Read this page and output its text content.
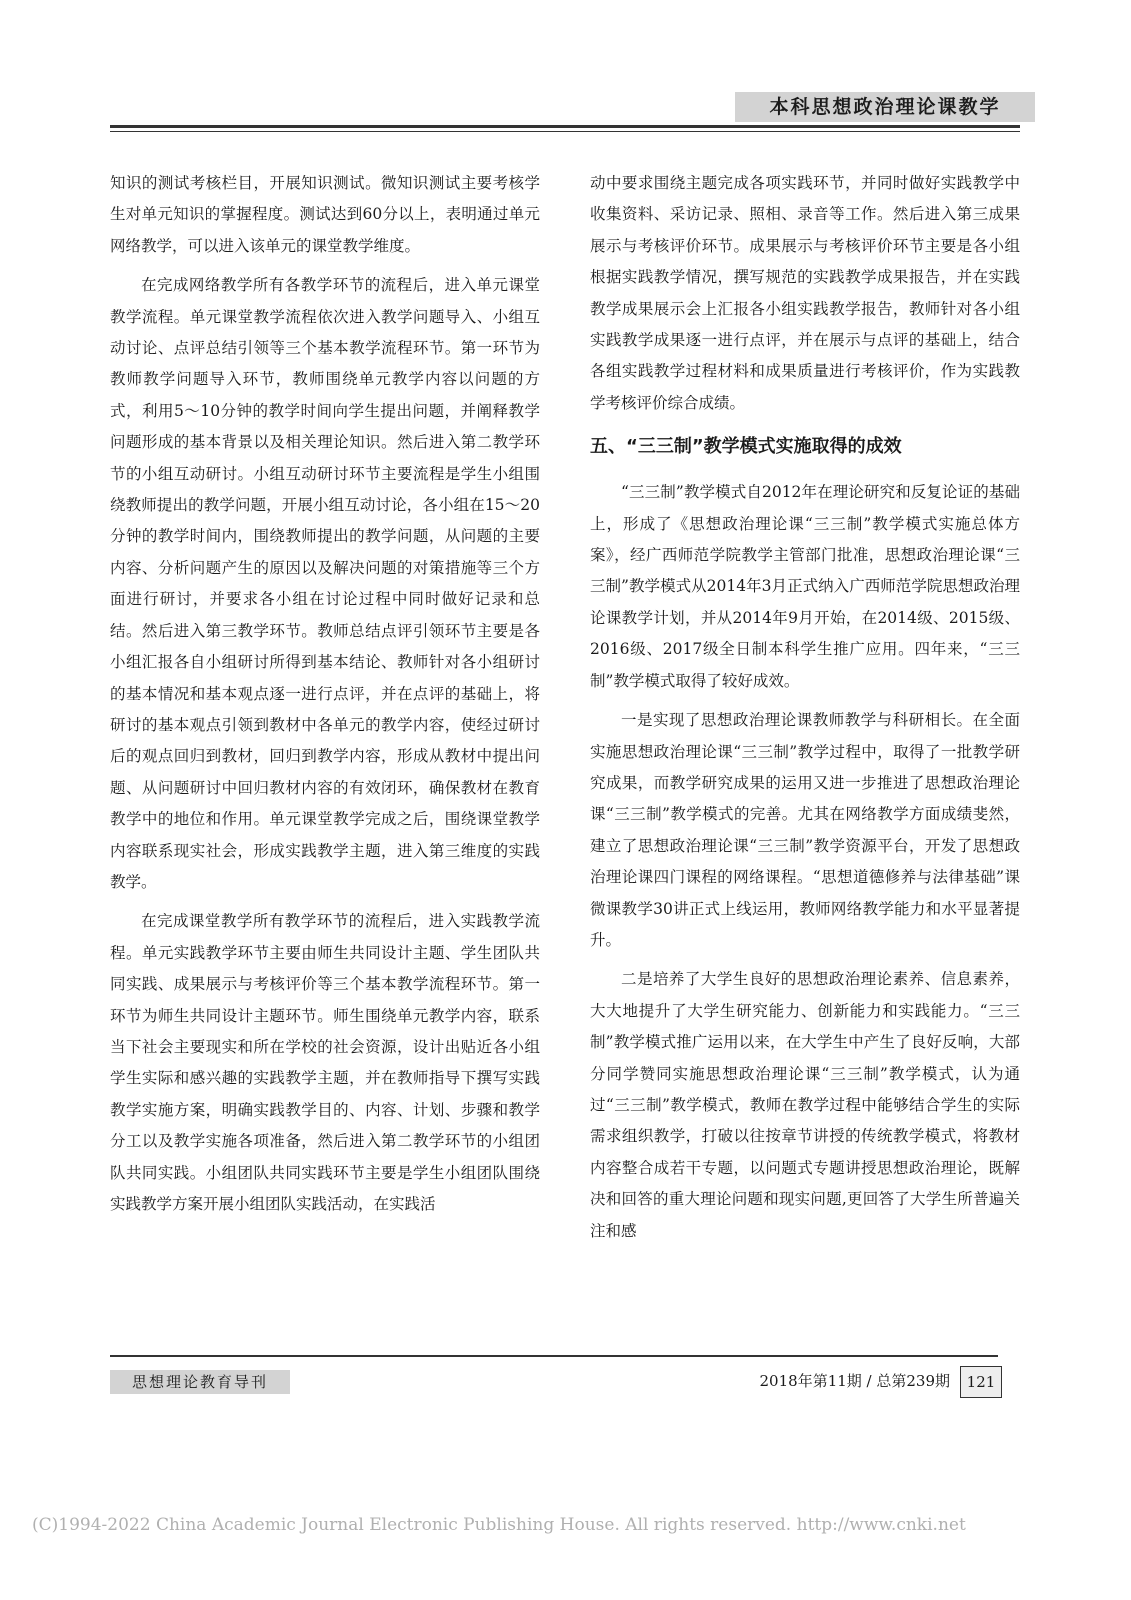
本科思想政治理论课教学

知识的测试考核栏目，开展知识测试。微知识测试主要考核学生对单元知识的掌握程度。测试达到60分以上，表明通过单元网络教学，可以进入该单元的课堂教学维度。

在完成网络教学所有各教学环节的流程后，进入单元课堂教学流程。单元课堂教学流程依次进入教学问题导入、小组互动讨论、点评总结引领等三个基本教学流程环节。第一环节为教师教学问题导入环节，教师围绕单元教学内容以问题的方式，利用5～10分钟的教学时间向学生提出问题，并阐释教学问题形成的基本背景以及相关理论知识。然后进入第二教学环节的小组互动研讨。小组互动研讨环节主要流程是学生小组围绕教师提出的教学问题，开展小组互动讨论，各小组在15～20分钟的教学时间内，围绕教师提出的教学问题，从问题的主要内容、分析问题产生的原因以及解决问题的对策措施等三个方面进行研讨，并要求各小组在讨论过程中同时做好记录和总结。然后进入第三教学环节。教师总结点评引领环节主要是各小组汇报各自小组研讨所得到基本结论、教师针对各小组研讨的基本情况和基本观点逐一进行点评，并在点评的基础上，将研讨的基本观点引领到教材中各单元的教学内容，使经过研讨后的观点回归到教材，回归到教学内容，形成从教材中提出问题、从问题研讨中回归教材内容的有效闭环，确保教材在教育教学中的地位和作用。单元课堂教学完成之后，围绕课堂教学内容联系现实社会，形成实践教学主题，进入第三维度的实践教学。

在完成课堂教学所有教学环节的流程后，进入实践教学流程。单元实践教学环节主要由师生共同设计主题、学生团队共同实践、成果展示与考核评价等三个基本教学流程环节。第一环节为师生共同设计主题环节。师生围绕单元教学内容，联系当下社会主要现实和所在学校的社会资源，设计出贴近各小组学生实际和感兴趣的实践教学主题，并在教师指导下撰写实践教学实施方案，明确实践教学目的、内容、计划、步骤和教学分工以及教学实施各项准备，然后进入第二教学环节的小组团队共同实践。小组团队共同实践环节主要是学生小组团队围绕实践教学方案开展小组团队实践活动，在实践活

动中要求围绕主题完成各项实践环节，并同时做好实践教学中收集资料、采访记录、照相、录音等工作。然后进入第三成果展示与考核评价环节。成果展示与考核评价环节主要是各小组根据实践教学情况，撰写规范的实践教学成果报告，并在实践教学成果展示会上汇报各小组实践教学报告，教师针对各小组实践教学成果逐一进行点评，并在展示与点评的基础上，结合各组实践教学过程材料和成果质量进行考核评价，作为实践教学考核评价综合成绩。

五、“三三制”教学模式实施取得的成效

“三三制”教学模式自2012年在理论研究和反复论证的基础上，形成了《思想政治理论课“三三制”教学模式实施总体方案》，经广西师范学院教学主管部门批准，思想政治理论课“三三制”教学模式从2014年3月正式纳入广西师范学院思想政治理论课教学计划，并从2014年9月开始，在2014级、2015级、2016级、2017级全日制本科学生推广应用。四年来，“三三制”教学模式取得了较好成效。

一是实现了思想政治理论课教师教学与科研相长。在全面实施思想政治理论课“三三制”教学过程中，取得了一批教学研究成果，而教学研究成果的运用又进一步推进了思想政治理论课“三三制”教学模式的完善。尤其在网络教学方面成绩斐然，建立了思想政治理论课“三三制”教学资源平台，开发了思想政治理论课四门课程的网络课程。“思想道德修养与法律基础”课微课教学30讲正式上线运用，教师网络教学能力和水平显著提升。

二是培养了大学生良好的思想政治理论素养、信息素养，大大地提升了大学生研究能力、创新能力和实践能力。“三三制”教学模式推广运用以来，在大学生中产生了良好反响，大部分同学赞同实施思想政治理论课“三三制”教学模式，认为通过“三三制”教学模式，教师在教学过程中能够结合学生的实际需求组织教学，打破以往按章节讲授的传统教学模式，将教材内容整合成若干专题，以问题式专题讲授思想政治理论，既解决和回答的重大理论问题和现实问题,更回答了大学生所普遍关注和感

思想理论教育导刊	2018年第11期 / 总第239期	121
(C)1994-2022 China Academic Journal Electronic Publishing House. All rights reserved. http://www.cnki.net
